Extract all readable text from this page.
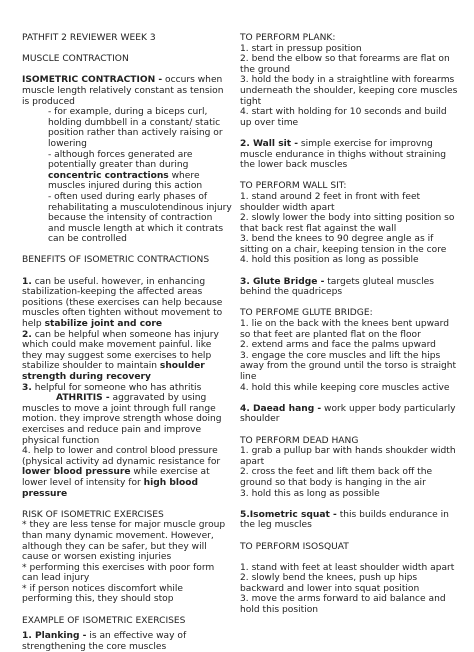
PATHFIT 2 REVIEWER WEEK 3

MUSCLE CONTRACTION

ISOMETRIC CONTRACTION - occurs when muscle length relatively constant as tension is produced

- for example, during a biceps curl, holding dumbbell in a constant/ static position rather than actively raising or lowering

- although forces generated are potentially greater than during concentric contractions where muscles injured during this action

- often used during early phases of rehabilitating a musculotendinous injury because the intensity of contraction and muscle length at which it contrats can be controlled

BENEFITS OF ISOMETRIC CONTRACTIONS

1. can be useful. however, in enhancing stabilization-keeping the affected areas positions (these exercises can help because muscles often tighten without movement to help stabilize joint and core

2. can be helpful when someone has injury which could make movement painful. like they may suggest some exercises to help stabilize shoulder to maintain shoulder strength during recovery

3. helpful for someone who has athritis

ATHRITIS - aggravated by using muscles to move a joint through full range motion. they improve strength whose doing exercises and reduce pain and improve physical function

4. help to lower and control blood pressure (physical activity ad dynamic resistance for lower blood pressure while exercise at lower level of intensity for high blood pressure

RISK OF ISOMETRIC EXERCISES

* they are less tense for major muscle group than many dynamic movement. However, although they can be safer, but they will cause or worsen existing injuries

* performing this exercises with poor form can lead injury

* if person notices discomfort while performing this, they should stop

EXAMPLE OF ISOMETRIC EXERCISES

1. Planking - is an effective way of strengthening the core muscles

TO PERFORM PLANK:

1. start in pressup position

2. bend the elbow so that forearms are flat on the ground

3. hold the body in a straightline with forearms underneath the shoulder, keeping core muscles tight

4. start with holding for 10 seconds and build up over time

2. Wall sit - simple exercise for improvng muscle endurance in thighs without straining the lower back muscles

TO PERFORM WALL SIT:

1. stand around 2 feet in front with feet shoulder width apart

2. slowly lower the body into sitting position so that back rest flat against the wall

3. bend the knees to 90 degree angle as if sitting on a chair, keeping tension in the core

4. hold this position as long as possible

3. Glute Bridge - targets gluteal muscles behind the quadriceps

TO PERFOME GLUTE BRIDGE:

1. lie on the back with the knees bent upward so that feet are planted flat on the floor

2. extend arms and face the palms upward

3. engage the core muscles and lift the hips away from the ground until the torso is straight line

4. hold this while keeping core muscles active

4. Daead hang - work upper body particularly shoulder

TO PERFORM DEAD HANG

1. grab a pullup bar with hands shoukder width apart

2. cross the feet and lift them back off the ground so that body is hanging in the air

3. hold this as long as possible

5.Isometric squat - this builds endurance in the leg muscles

TO PERFORM ISOSQUAT

1. stand with feet at least shoulder width apart

2. slowly bend the knees, push up hips backward and lower into squat position

3. move the arms forward to aid balance and hold this position
